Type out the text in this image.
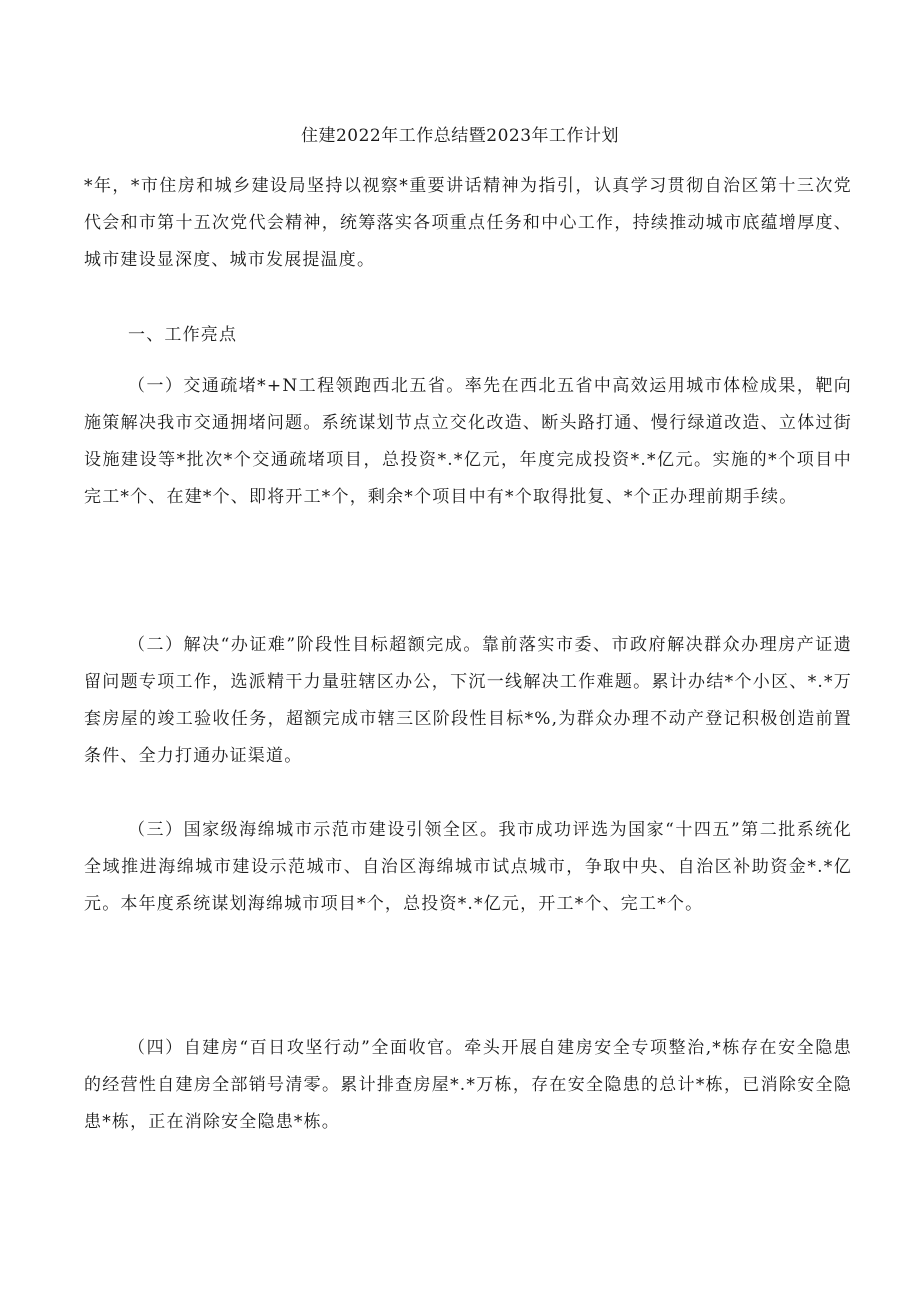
住建2022年工作总结暨2023年工作计划

*年，*市住房和城乡建设局坚持以视察*重要讲话精神为指引，认真学习贯彻自治区第十三次党代会和市第十五次党代会精神，统筹落实各项重点任务和中心工作，持续推动城市底蕴增厚度、城市建设显深度、城市发展提温度。

一、工作亮点

（一）交通疏堵*+N工程领跑西北五省。率先在西北五省中高效运用城市体检成果，靶向施策解决我市交通拥堵问题。系统谋划节点立交化改造、断头路打通、慢行绿道改造、立体过街设施建设等*批次*个交通疏堵项目，总投资*.*亿元，年度完成投资*.*亿元。实施的*个项目中完工*个、在建*个、即将开工*个，剩余*个项目中有*个取得批复、*个正办理前期手续。

（二）解决“办证难”阶段性目标超额完成。靠前落实市委、市政府解决群众办理房产证遗留问题专项工作，选派精干力量驻辖区办公，下沉一线解决工作难题。累计办结*个小区、*.*万套房屋的竣工验收任务，超额完成市辖三区阶段性目标*%,为群众办理不动产登记积极创造前置条件、全力打通办证渠道。

（三）国家级海绵城市示范市建设引领全区。我市成功评选为国家“十四五”第二批系统化全域推进海绵城市建设示范城市、自治区海绵城市试点城市，争取中央、自治区补助资金*.*亿元。本年度系统谋划海绵城市项目*个，总投资*.*亿元，开工*个、完工*个。

（四）自建房“百日攻坚行动”全面收官。牵头开展自建房安全专项整治,*栋存在安全隐患的经营性自建房全部销号清零。累计排查房屋*.*万栋，存在安全隐患的总计*栋，已消除安全隐患*栋，正在消除安全隐患*栋。
